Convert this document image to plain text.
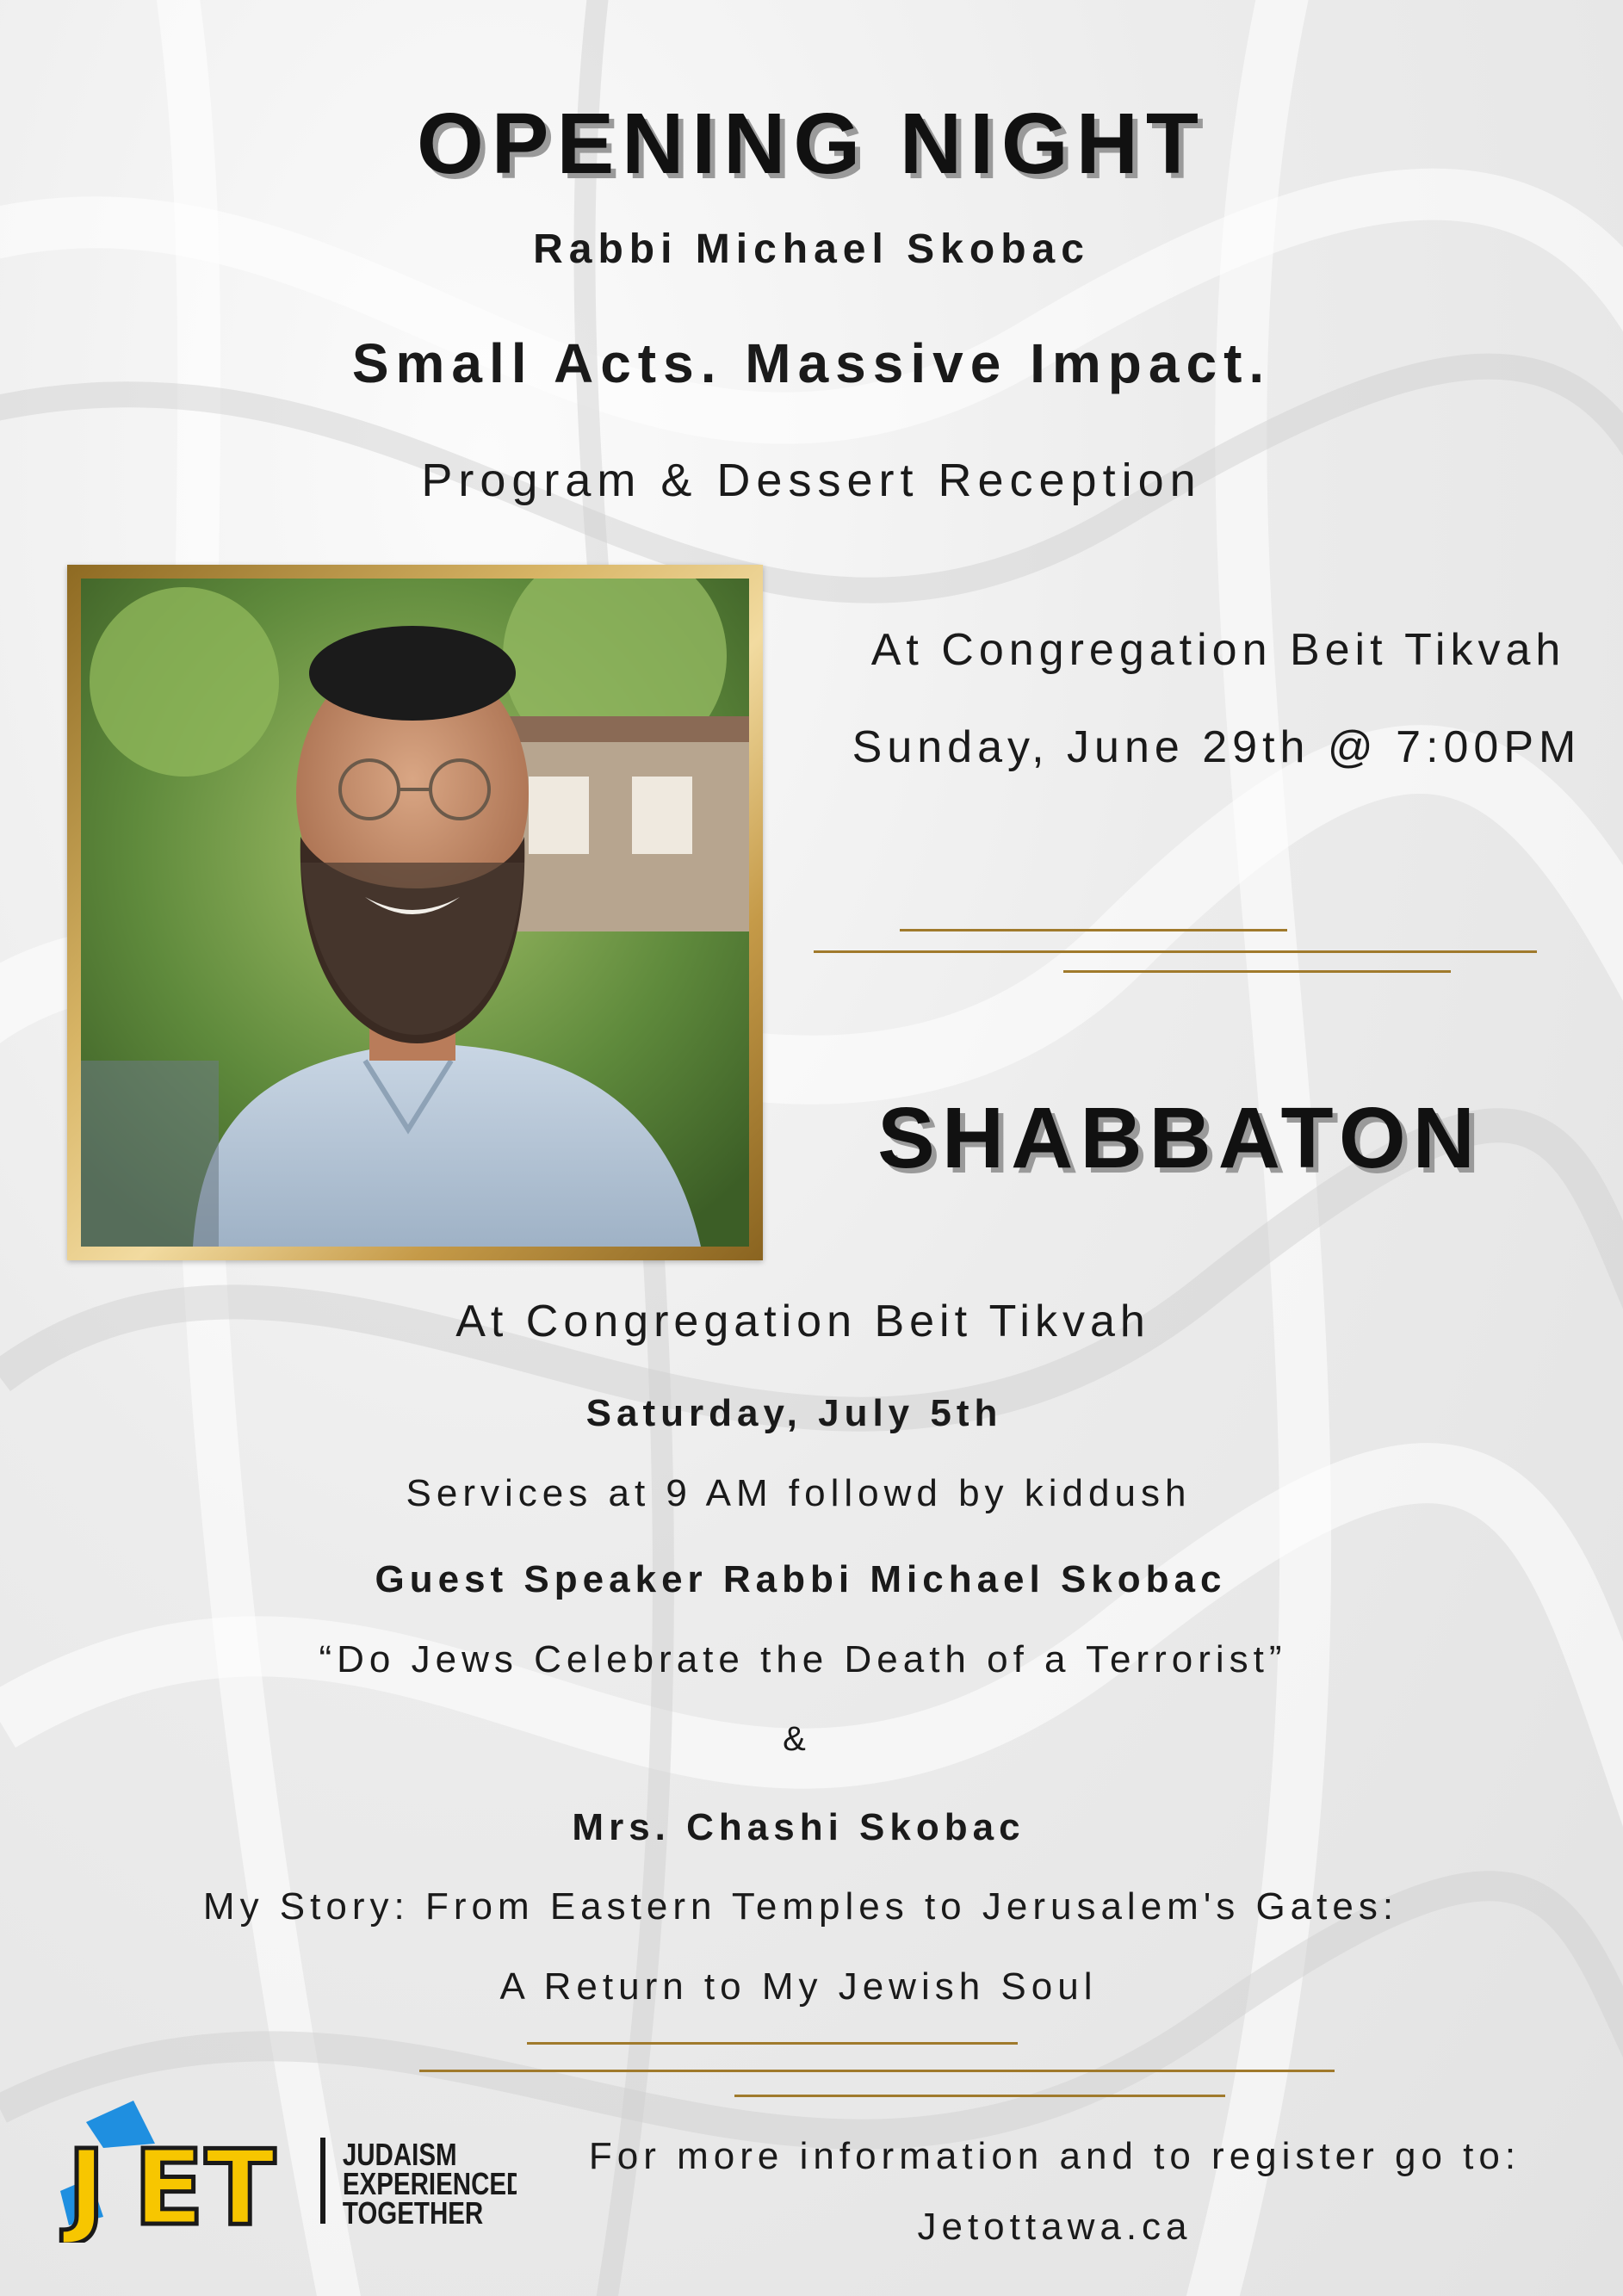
OPENING NIGHT
Rabbi Michael Skobac
Small Acts. Massive Impact.
Program & Dessert Reception
At Congregation Beit Tikvah
Sunday, June 29th @ 7:00PM
SHABBATON
At Congregation Beit Tikvah
Saturday, July 5th
Services at 9 AM followd by kiddush
Guest Speaker Rabbi Michael Skobac
“Do Jews Celebrate the Death of a Terrorist”
&
Mrs. Chashi Skobac
My Story: From Eastern Temples to Jerusalem's Gates:
A Return to My Jewish Soul
J E T JUDAISM
EXPERIENCED
TOGETHER
For more information and to register go to:
Jetottawa.ca
